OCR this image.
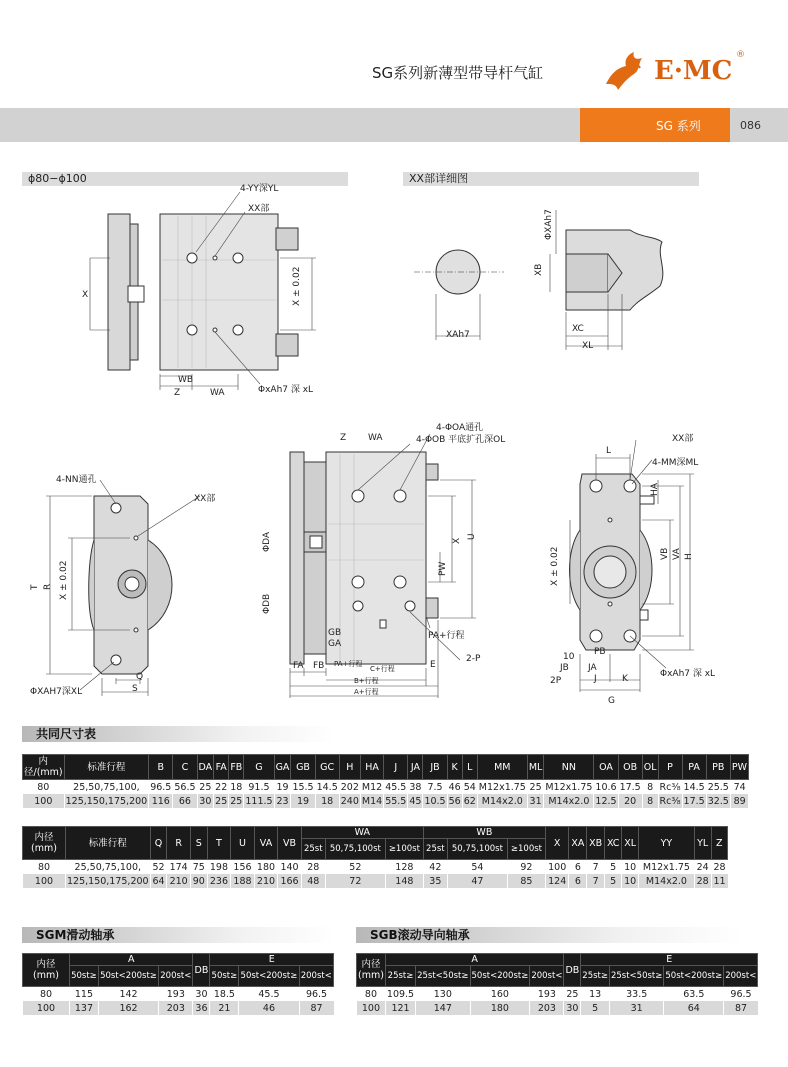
SG系列新薄型带导杆气缸	E·MC
®
SG 系列	086
ϕ80−ϕ100
4-YY深YL
XX部
X	X ± 0.02
WB
Z	WA	ΦxAh7 深 xL
XX部详细图
XAh7
ΦXAh7
XB
XC
XL
4-NN通孔
XX部
T R X ± 0.02
Q
S
ΦXAH7深XL
4-ΦOA通孔
4-ΦOB 平底扩孔深OL
Z WA
ΦDA
ΦDB
X
U
PW
GB
GA
PA+行程
FA FB PA+行程
C+行程	E
B+行程
A+行程
2-P
XX部
L
4-MM深ML
HA
VB VA H
X ± 0.02
PB
10
JB JA
2P	J	K
G
ΦxAh7 深 xL
共同尺寸表
内径/(mm)	标准行程	B	C	DA	FA	FB	G	GA	GB	GC	H	HA	J	JA	JB	K	L	MM	ML	NN	OA	OB	OL	P	PA	PB	PW
80	25,50,75,100,	96.5	56.5	25	22	18	91.5	19	15.5	14.5	202	M12	45.5	38	7.5	46	54	M12x1.75	25	M12x1.75	10.6	17.5	8	Rc³⁄₈	14.5	25.5	74
100	125,150,175,200	116	66	30	25	25	111.5	23	19	18	240	M14	55.5	45	10.5	56	62	M14x2.0	31	M14x2.0	12.5	20	8	Rc³⁄₈	17.5	32.5	89
内径(mm)	标准行程	Q	R	S	T	U	VA	VB	WA			WB			X	XA	XB	XC	XL	YY	YL	Z
									25st	50,75,100st	≥100st	25st	50,75,100st	≥100st								
80	25,50,75,100,	52	174	75	198	156	180	140	28	52	128	42	54	92	100	6	7	5	10	M12x1.75	24	28
100	125,150,175,200	64	210	90	236	188	210	166	48	72	148	35	47	85	124	6	7	5	10	M14x2.0	28	11
SGM滑动轴承	SGB滚动导向轴承
内径(mm)	A			DB	E		
	50st≥	50st<200st≥	200st<		50st≥	50st<200st≥	200st<
80	115	142	193	30	18.5	45.5	96.5
100	137	162	203	36	21	46	87
内径(mm)	A				DB	E			
	25st≥	25st<50st≥	50st<200st≥	200st<		25st≥	25st<50st≥	50st<200st≥	200st<
80	109.5	130	160	193	25	13	33.5	63.5	96.5
100	121	147	180	203	30	5	31	64	87
